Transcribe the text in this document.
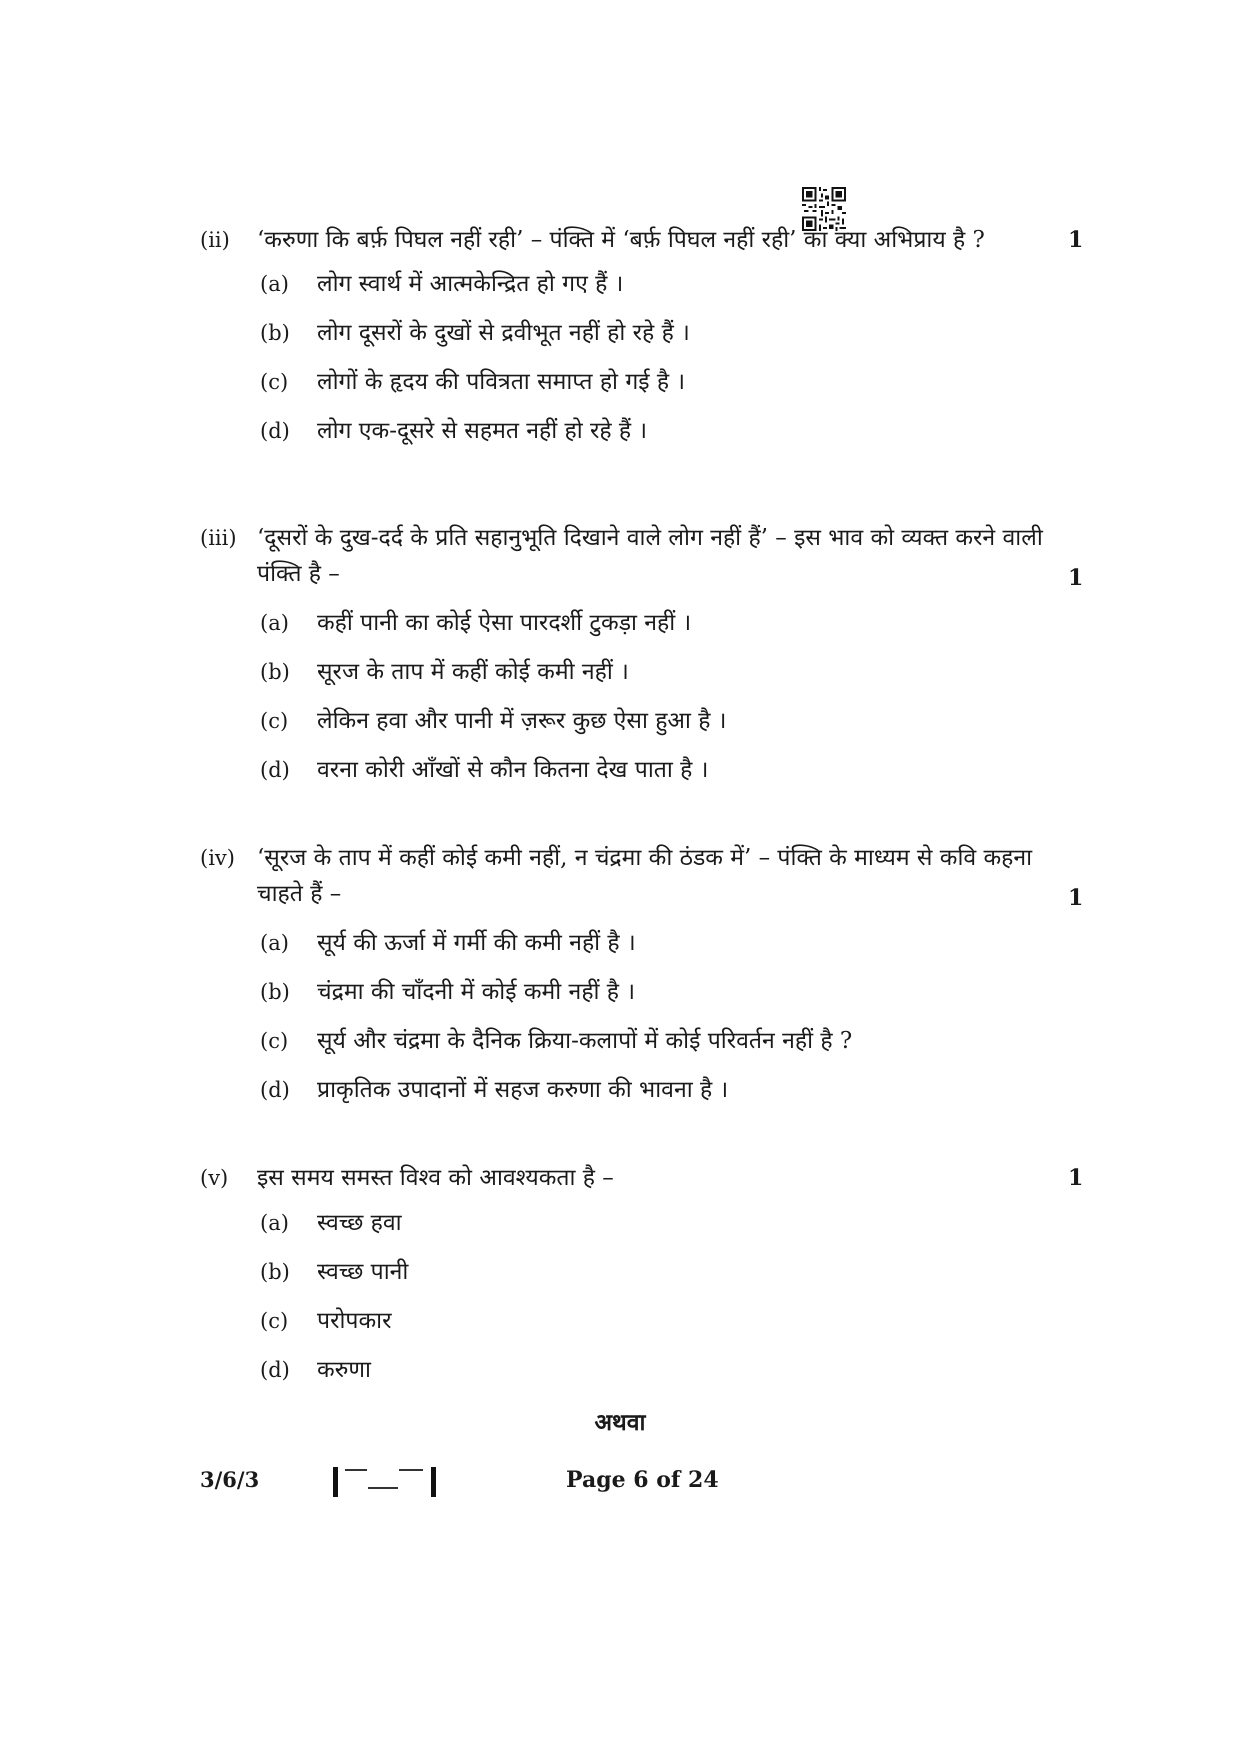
(ii) ‘करुणा कि बर्फ़ पिघल नहीं रही’ – पंक्ति में ‘बर्फ़ पिघल नहीं रही’ का क्या अभिप्राय है ?	1
(a) लोग स्वार्थ में आत्मकेन्द्रित हो गए हैं ।
(b) लोग दूसरों के दुखों से द्रवीभूत नहीं हो रहे हैं ।
(c) लोगों के हृदय की पवित्रता समाप्त हो गई है ।
(d) लोग एक-दूसरे से सहमत नहीं हो रहे हैं ।
(iii) ‘दूसरों के दुख-दर्द के प्रति सहानुभूति दिखाने वाले लोग नहीं हैं’ – इस भाव को व्यक्त करने वाली पंक्ति है –	1
(a) कहीं पानी का कोई ऐसा पारदर्शी टुकड़ा नहीं ।
(b) सूरज के ताप में कहीं कोई कमी नहीं ।
(c) लेकिन हवा और पानी में ज़रूर कुछ ऐसा हुआ है ।
(d) वरना कोरी आँखों से कौन कितना देख पाता है ।
(iv) ‘सूरज के ताप में कहीं कोई कमी नहीं, न चंद्रमा की ठंडक में’ – पंक्ति के माध्यम से कवि कहना चाहते हैं –	1
(a) सूर्य की ऊर्जा में गर्मी की कमी नहीं है ।
(b) चंद्रमा की चाँदनी में कोई कमी नहीं है ।
(c) सूर्य और चंद्रमा के दैनिक क्रिया-कलापों में कोई परिवर्तन नहीं है ?
(d) प्राकृतिक उपादानों में सहज करुणा की भावना है ।
(v) इस समय समस्त विश्व को आवश्यकता है –	1
(a) स्वच्छ हवा
(b) स्वच्छ पानी
(c) परोपकार
(d) करुणा
अथवा
3/6/3	Page 6 of 24
